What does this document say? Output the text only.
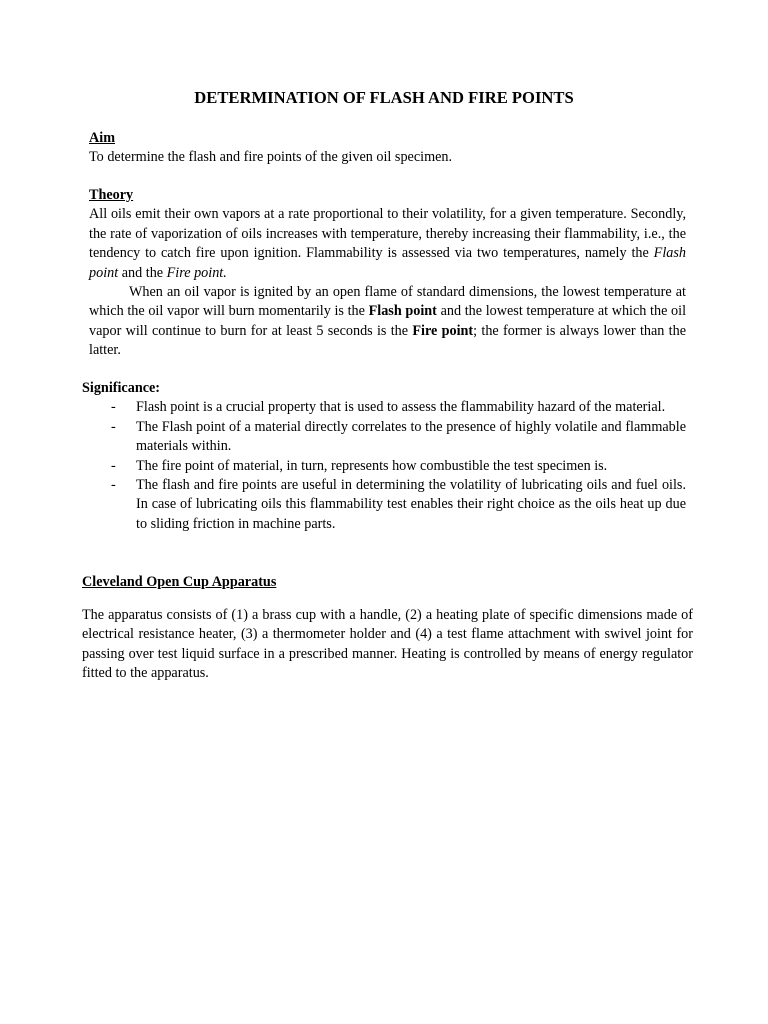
DETERMINATION OF FLASH AND FIRE POINTS
Aim
To determine the flash and fire points of the given oil specimen.
Theory
All oils emit their own vapors at a rate proportional to their volatility, for a given temperature. Secondly, the rate of vaporization of oils increases with temperature, thereby increasing their flammability, i.e., the tendency to catch fire upon ignition. Flammability is assessed via two temperatures, namely the Flash point and the Fire point.
When an oil vapor is ignited by an open flame of standard dimensions, the lowest temperature at which the oil vapor will burn momentarily is the Flash point and the lowest temperature at which the oil vapor will continue to burn for at least 5 seconds is the Fire point; the former is always lower than the latter.
Significance:
- Flash point is a crucial property that is used to assess the flammability hazard of the material.
- The Flash point of a material directly correlates to the presence of highly volatile and flammable materials within.
- The fire point of material, in turn, represents how combustible the test specimen is.
- The flash and fire points are useful in determining the volatility of lubricating oils and fuel oils. In case of lubricating oils this flammability test enables their right choice as the oils heat up due to sliding friction in machine parts.
Cleveland Open Cup Apparatus
The apparatus consists of (1) a brass cup with a handle, (2) a heating plate of specific dimensions made of electrical resistance heater, (3) a thermometer holder and (4) a test flame attachment with swivel joint for passing over test liquid surface in a prescribed manner. Heating is controlled by means of energy regulator fitted to the apparatus.
